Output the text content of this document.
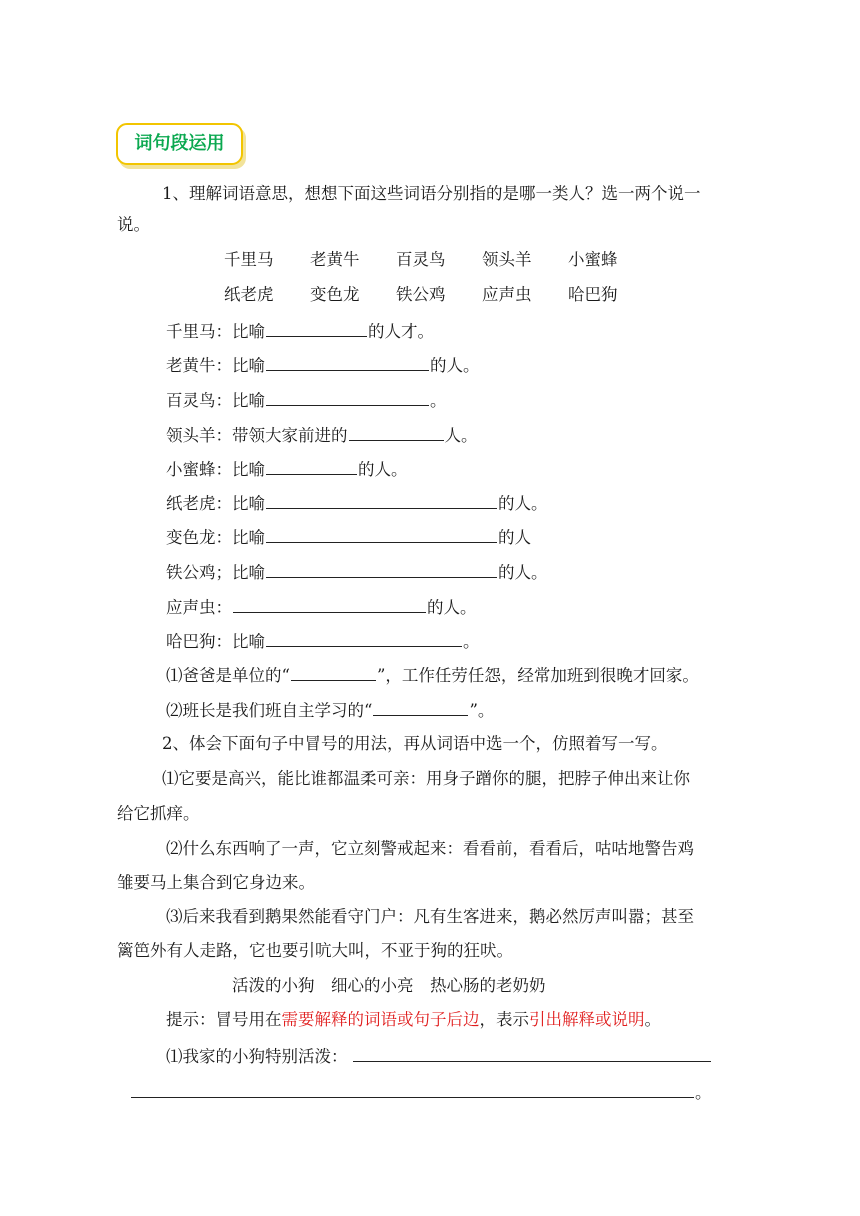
词句段运用
1、理解词语意思，想想下面这些词语分别指的是哪一类人？选一两个说一
说。
千里马 老黄牛 百灵鸟 领头羊 小蜜蜂
纸老虎 变色龙 铁公鸡 应声虫 哈巴狗
千里马：比喻	的人才。
老黄牛：比喻	的人。
百灵鸟：比喻	。
领头羊：带领大家前进的	人。
小蜜蜂：比喻	的人。
纸老虎：比喻	的人。
变色龙：比喻	的人
铁公鸡；比喻	的人。
应声虫：	的人。
哈巴狗：比喻	。
⑴爸爸是单位的“	”，工作任劳任怨，经常加班到很晚才回家。
⑵班长是我们班自主学习的“	”。
2、体会下面句子中冒号的用法，再从词语中选一个，仿照着写一写。
⑴它要是高兴，能比谁都温柔可亲：用身子蹭你的腿，把脖子伸出来让你
给它抓痒。
⑵什么东西响了一声，它立刻警戒起来：看看前，看看后，咕咕地警告鸡
雏要马上集合到它身边来。
⑶后来我看到鹅果然能看守门户：凡有生客进来，鹅必然厉声叫嚣；甚至
篱笆外有人走路，它也要引吭大叫，不亚于狗的狂吠。
活泼的小狗　细心的小亮　热心肠的老奶奶
提示：冒号用在需要解释的词语或句子后边，表示引出解释或说明。
⑴我家的小狗特别活泼：
。
